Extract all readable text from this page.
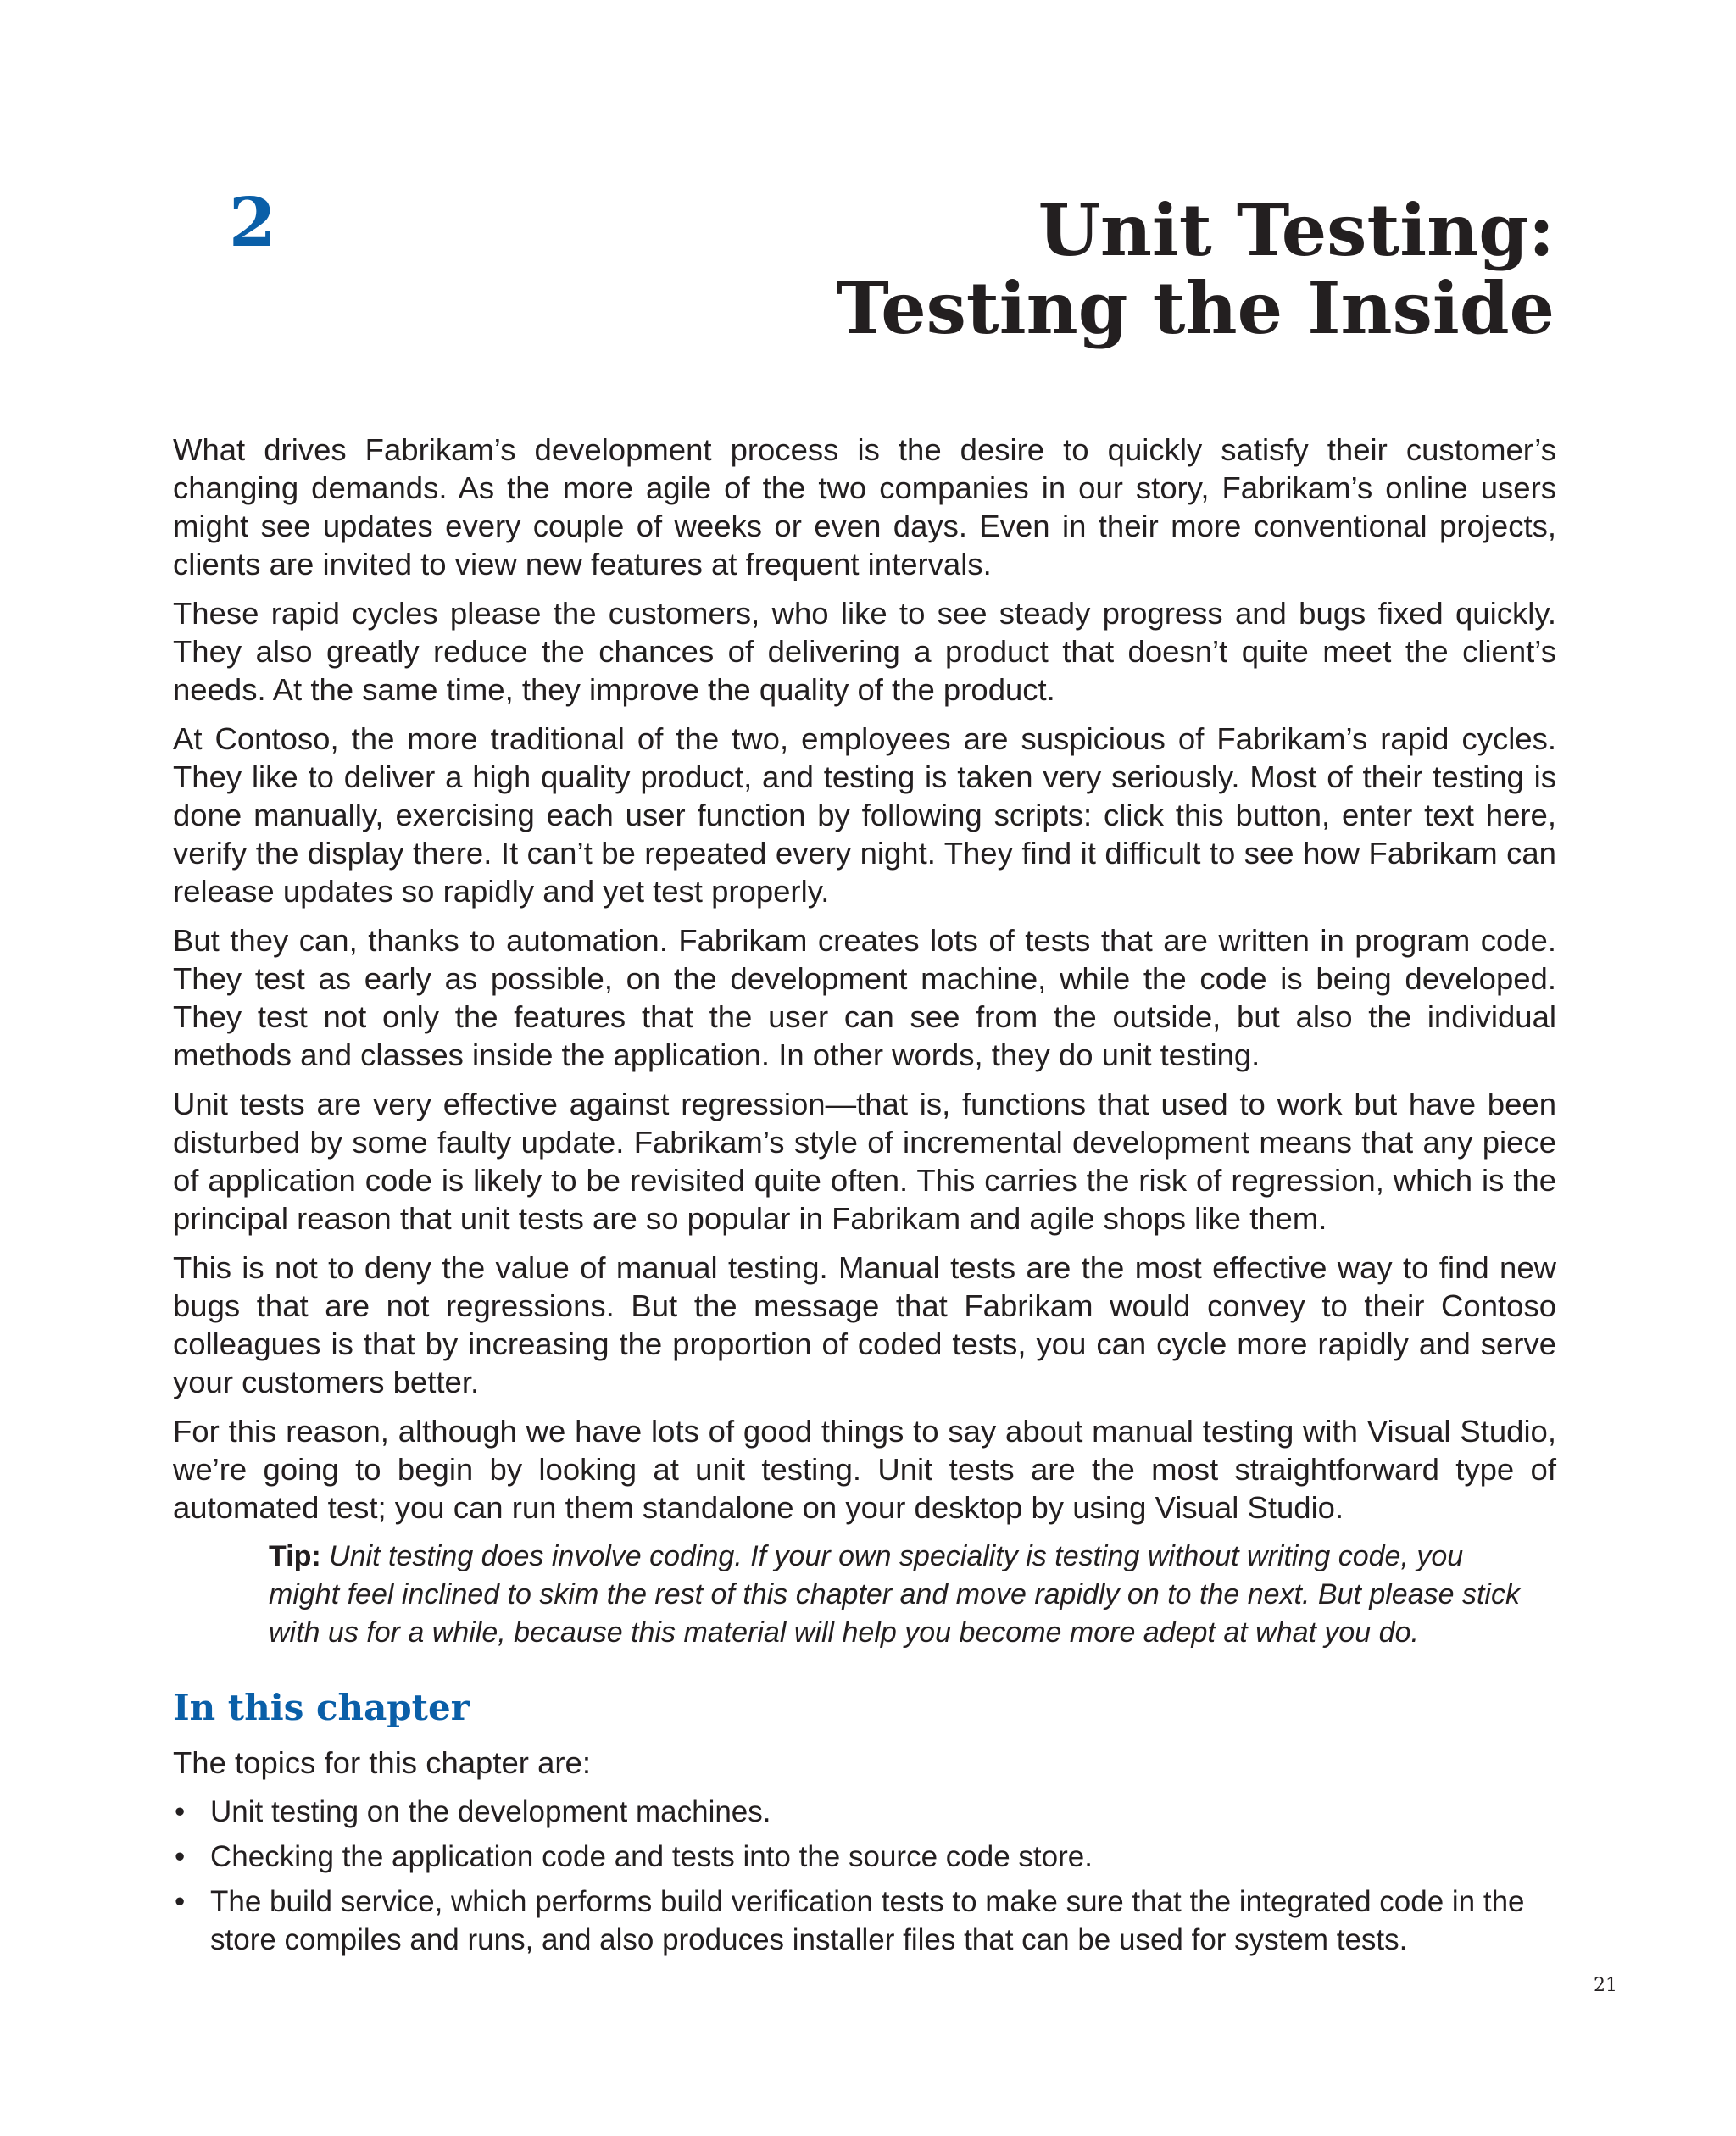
2	Unit Testing:
Testing the Inside

What drives Fabrikam’s development process is the desire to quickly satisfy their customer’s changing demands. As the more agile of the two companies in our story, Fabrikam’s online users might see updates every couple of weeks or even days. Even in their more conventional projects, clients are invited to view new features at frequent intervals.

These rapid cycles please the customers, who like to see steady progress and bugs fixed quickly. They also greatly reduce the chances of delivering a product that doesn’t quite meet the client’s needs. At the same time, they improve the quality of the product.

At Contoso, the more traditional of the two, employees are suspicious of Fabrikam’s rapid cycles. They like to deliver a high quality product, and testing is taken very seriously. Most of their testing is done manually, exercising each user function by following scripts: click this button, enter text here, verify the display there. It can’t be repeated every night. They find it difficult to see how Fabrikam can release updates so rapidly and yet test properly.

But they can, thanks to automation. Fabrikam creates lots of tests that are written in program code. They test as early as possible, on the development machine, while the code is being developed. They test not only the features that the user can see from the outside, but also the individual methods and classes inside the application. In other words, they do unit testing.

Unit tests are very effective against regression—that is, functions that used to work but have been disturbed by some faulty update. Fabrikam’s style of incremental development means that any piece of application code is likely to be revisited quite often. This carries the risk of regression, which is the principal reason that unit tests are so popular in Fabrikam and agile shops like them.

This is not to deny the value of manual testing. Manual tests are the most effective way to find new bugs that are not regressions. But the message that Fabrikam would convey to their Contoso colleagues is that by increasing the proportion of coded tests, you can cycle more rapidly and serve your customers better.

For this reason, although we have lots of good things to say about manual testing with Visual Studio, we’re going to begin by looking at unit testing. Unit tests are the most straightforward type of automated test; you can run them standalone on your desktop by using Visual Studio.

Tip: Unit testing does involve coding. If your own speciality is testing without writing code, you might feel inclined to skim the rest of this chapter and move rapidly on to the next. But please stick with us for a while, because this material will help you become more adept at what you do.
In this chapter

The topics for this chapter are:

• Unit testing on the development machines.
• Checking the application code and tests into the source code store.
• The build service, which performs build verification tests to make sure that the integrated code in the store compiles and runs, and also produces installer files that can be used for system tests.
21
